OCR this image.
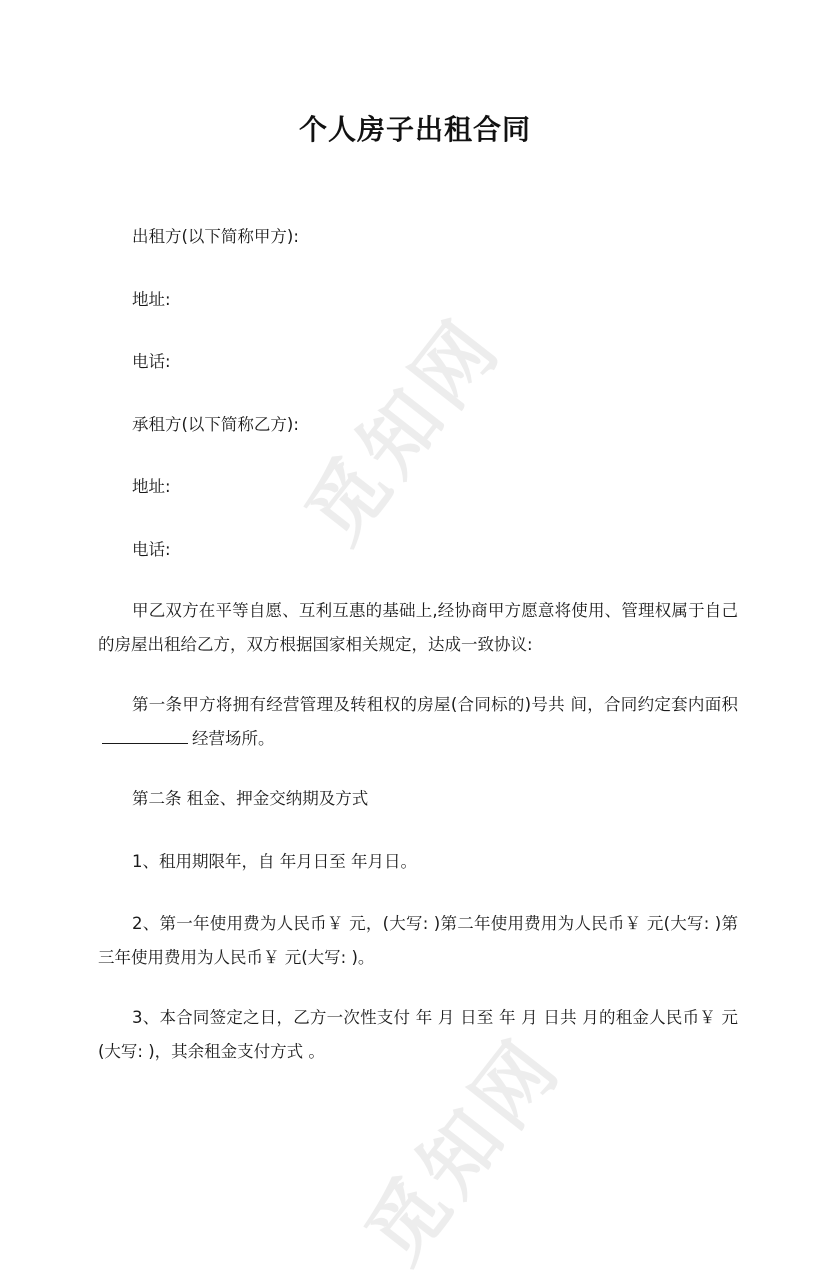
觅知网
觅知网
个人房子出租合同

出租方(以下简称甲方):

地址:

电话:

承租方(以下简称乙方):

地址:

电话:

甲乙双方在平等自愿、互利互惠的基础上,经协商甲方愿意将使用、管理权属于自己的房屋出租给乙方，双方根据国家相关规定，达成一致协议:

第一条甲方将拥有经营管理及转租权的房屋(合同标的)号共 间，合同约定套内面积经营场所。

第二条 租金、押金交纳期及方式

1、租用期限年，自 年月日至 年月日。

2、第一年使用费为人民币￥ 元，(大写: )第二年使用费用为人民币￥ 元(大写: )第三年使用费用为人民币￥ 元(大写: )。

3、本合同签定之日，乙方一次性支付 年 月 日至 年 月 日共 月的租金人民币￥ 元(大写: )，其余租金支付方式 。
